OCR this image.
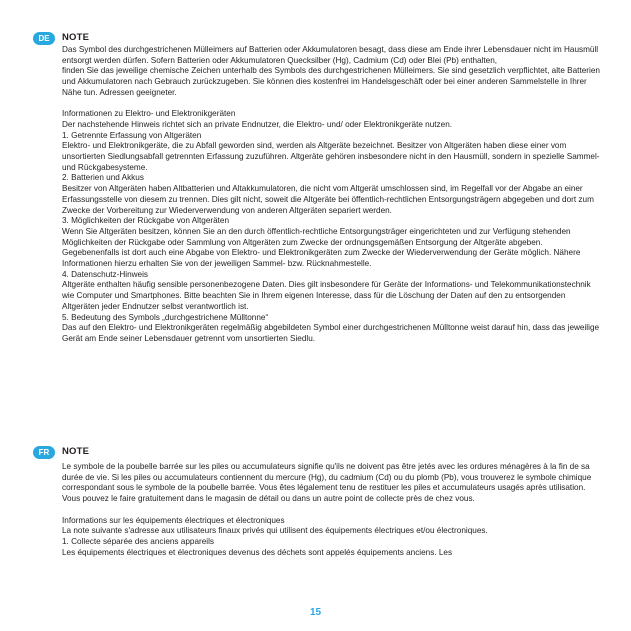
DE	NOTE

Das Symbol des durchgestrichenen Mülleimers auf Batterien oder Akkumulatoren besagt, dass diese am Ende ihrer Lebensdauer nicht im Hausmüll entsorgt werden dürfen. Sofern Batterien oder Akkumulatoren Quecksilber (Hg), Cadmium (Cd) oder Blei (Pb) enthalten,
finden Sie das jeweilige chemische Zeichen unterhalb des Symbols des durchgestrichenen Mülleimers. Sie sind gesetzlich verpflichtet, alte Batterien und Akkumulatoren nach Gebrauch zurückzugeben. Sie können dies kostenfrei im Handelsgeschäft oder bei einer anderen Sammelstelle in Ihrer Nähe tun. Adressen geeigneter.

Informationen zu Elektro- und Elektronikgeräten
Der nachstehende Hinweis richtet sich an private Endnutzer, die Elektro- und/ oder Elektronikgeräte nutzen.
1. Getrennte Erfassung von Altgeräten
Elektro- und Elektronikgeräte, die zu Abfall geworden sind, werden als Altgeräte bezeichnet. Besitzer von Altgeräten haben diese einer vom unsortierten Siedlungsabfall getrennten Erfassung zuzuführen. Altgeräte gehören insbesondere nicht in den Hausmüll, sondern in spezielle Sammel- und Rückgabesysteme.
2. Batterien und Akkus
Besitzer von Altgeräten haben Altbatterien und Altakkumulatoren, die nicht vom Altgerät umschlossen sind, im Regelfall vor der Abgabe an einer Erfassungsstelle von diesem zu trennen. Dies gilt nicht, soweit die Altgeräte bei öffentlich-rechtlichen Entsorgungsträgern abgegeben und dort zum Zwecke der Vorbereitung zur Wiederverwendung von anderen Altgeräten separiert werden.
3. Möglichkeiten der Rückgabe von Altgeräten
Wenn Sie Altgeräten besitzen, können Sie an den durch öffentlich-rechtliche Entsorgungsträger eingerichteten und zur Verfügung stehenden Möglichkeiten der Rückgabe oder Sammlung von Altgeräten zum Zwecke der ordnungsgemäßen Entsorgung der Altgeräte abgeben. Gegebenenfalls ist dort auch eine Abgabe von Elektro- und Elektronikgeräten zum Zwecke der Wiederverwendung der Geräte möglich. Nähere Informationen hierzu erhalten Sie von der jeweiligen Sammel- bzw. Rücknahmestelle.
4. Datenschutz-Hinweis
Altgeräte enthalten häufig sensible personenbezogene Daten. Dies gilt insbesondere für Geräte der Informations- und Telekommunikationstechnik wie Computer und Smartphones. Bitte beachten Sie in Ihrem eigenen Interesse, dass für die Löschung der Daten auf den zu entsorgenden Altgeräten jeder Endnutzer selbst verantwortlich ist.
5. Bedeutung des Symbols „durchgestrichene Mülltonne“
Das auf den Elektro- und Elektronikgeräten regelmäßig abgebildeten Symbol einer durchgestrichenen Mülltonne weist darauf hin, dass das jeweilige Gerät am Ende seiner Lebensdauer getrennt vom unsortierten Siedlu.

FR	NOTE

Le symbole de la poubelle barrée sur les piles ou accumulateurs signifie qu'ils ne doivent pas être jetés avec les ordures ménagères à la fin de sa durée de vie. Si les piles ou accumulateurs contiennent du mercure (Hg), du cadmium (Cd) ou du plomb (Pb), vous trouverez le symbole chimique correspondant sous le symbole de la poubelle barrée. Vous êtes légalement tenu de restituer les piles et accumulateurs usagés après utilisation. Vous pouvez le faire gratuitement dans le magasin de détail ou dans un autre point de collecte près de chez vous.

Informations sur les équipements électriques et électroniques
La note suivante s'adresse aux utilisateurs finaux privés qui utilisent des équipements électriques et/ou électroniques.
1. Collecte séparée des anciens appareils
Les équipements électriques et électroniques devenus des déchets sont appelés équipements anciens. Les

15
